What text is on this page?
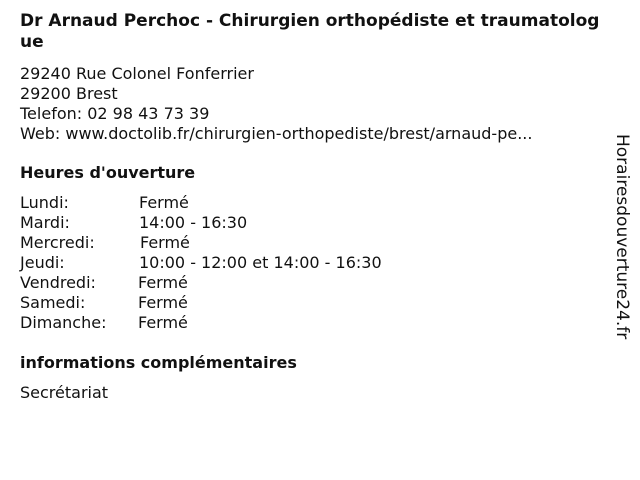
Dr Arnaud Perchoc - Chirurgien orthopédiste et traumatologue
29240 Rue Colonel Fonferrier
29200 Brest
Telefon: 02 98 43 73 39
Web: www.doctolib.fr/chirurgien-orthopediste/brest/arnaud-pe...
Heures d'ouverture
Lundi:	Fermé
Mardi:	14:00 - 16:30
Mercredi:	Fermé
Jeudi:	10:00 - 12:00 et 14:00 - 16:30
Vendredi:	Fermé
Samedi:	Fermé
Dimanche: Fermé
informations complémentaires
Secrétariat
Horairesdouverture24.fr
